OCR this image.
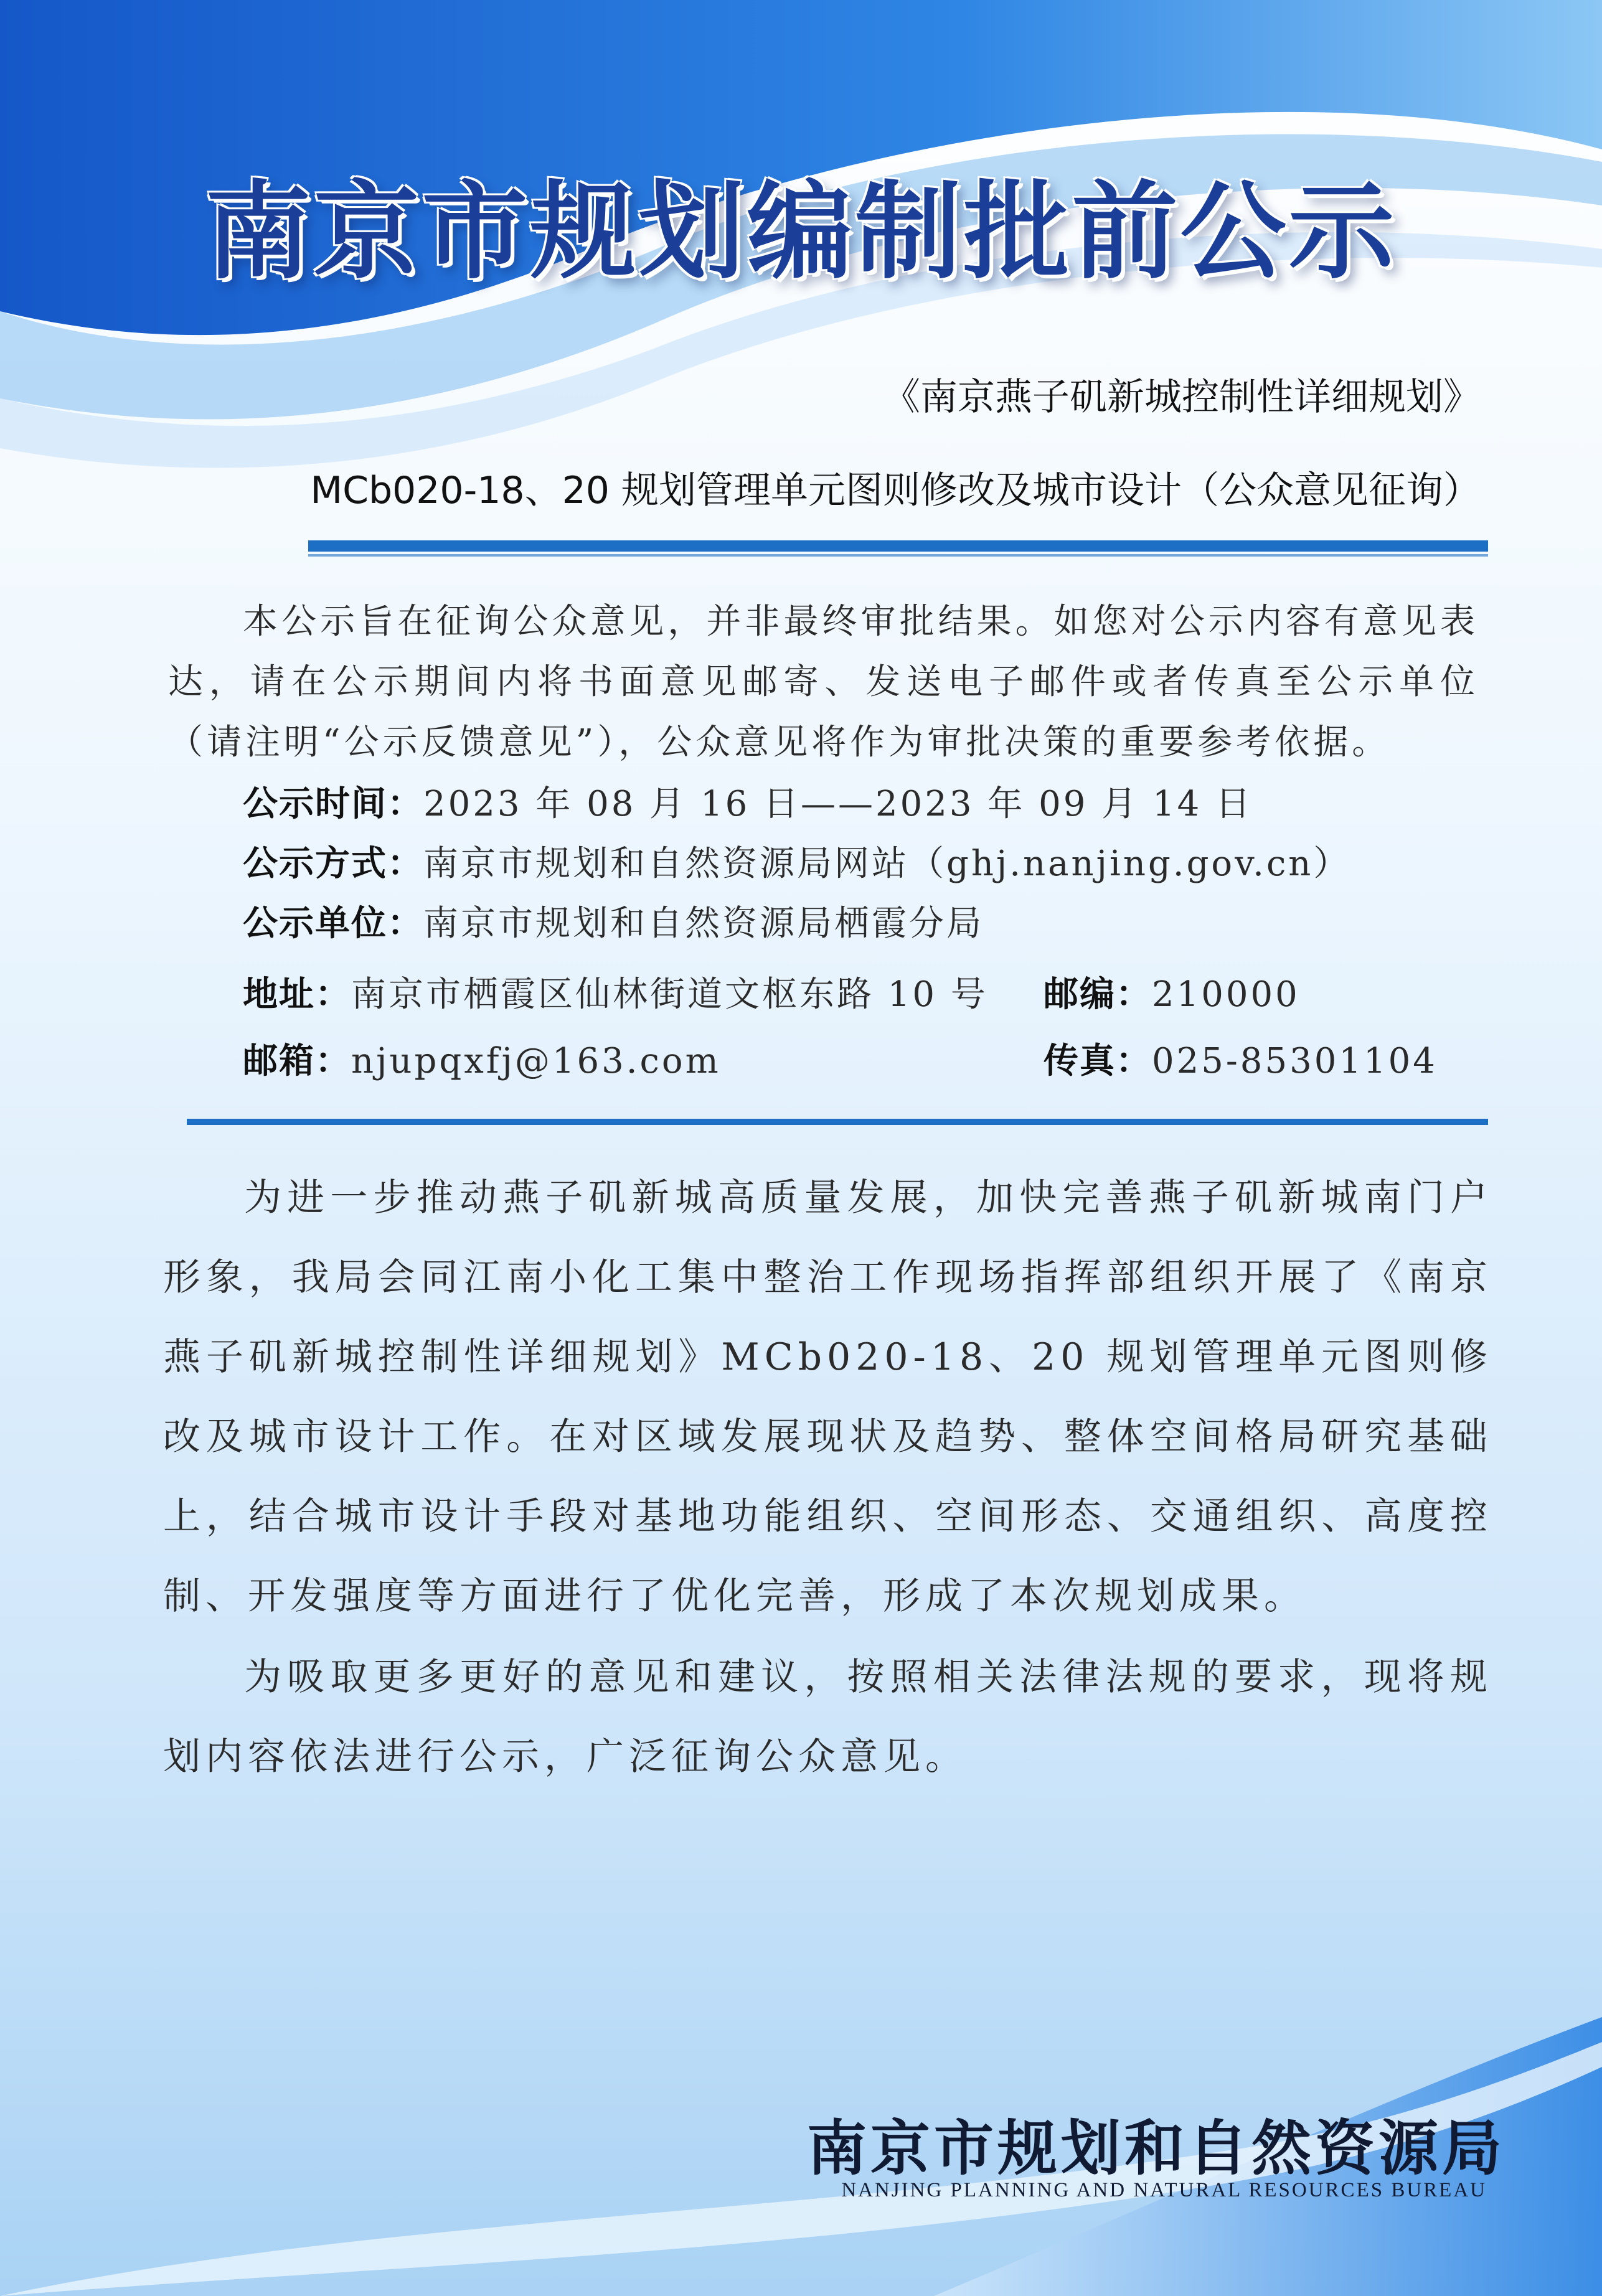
南京市规划编制批前公示
《南京燕子矶新城控制性详细规划》
MCb020-18、20 规划管理单元图则修改及城市设计（公众意见征询）
本公示旨在征询公众意见，并非最终审批结果。如您对公示内容有意见表达，请在公示期间内将书面意见邮寄、发送电子邮件或者传真至公示单位（请注明“公示反馈意见”），公众意见将作为审批决策的重要参考依据。
公示时间：2023 年 08 月 16 日——2023 年 09 月 14 日
公示方式：南京市规划和自然资源局网站（ghj.nanjing.gov.cn）
公示单位：南京市规划和自然资源局栖霞分局
地址：南京市栖霞区仙林街道文枢东路 10 号 邮编：210000
邮箱：njupqxfj@163.com	传真：025-85301104
为进一步推动燕子矶新城高质量发展，加快完善燕子矶新城南门户形象，我局会同江南小化工集中整治工作现场指挥部组织开展了《南京燕子矶新城控制性详细规划》MCb020-18、20 规划管理单元图则修改及城市设计工作。在对区域发展现状及趋势、整体空间格局研究基础上，结合城市设计手段对基地功能组织、空间形态、交通组织、高度控制、开发强度等方面进行了优化完善，形成了本次规划成果。
为吸取更多更好的意见和建议，按照相关法律法规的要求，现将规划内容依法进行公示，广泛征询公众意见。
南京市规划和自然资源局
NANJING PLANNING AND NATURAL RESOURCES BUREAU
